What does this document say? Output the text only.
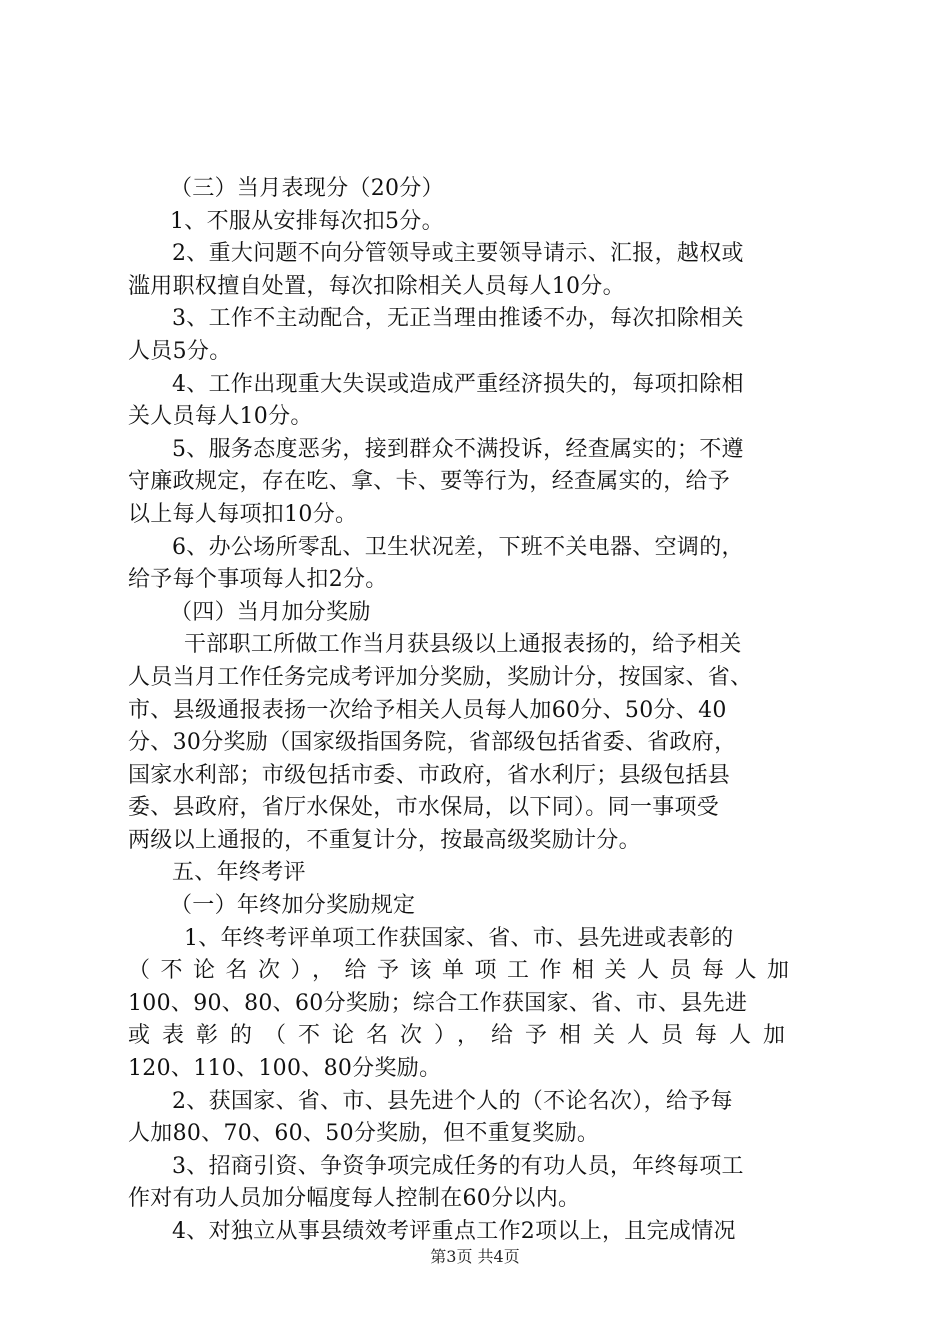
（三）当月表现分（20分）
1、不服从安排每次扣5分。
2、重大问题不向分管领导或主要领导请示、汇报，越权或
滥用职权擅自处置，每次扣除相关人员每人10分。
3、工作不主动配合，无正当理由推诿不办，每次扣除相关
人员5分。
4、工作出现重大失误或造成严重经济损失的，每项扣除相
关人员每人10分。
5、服务态度恶劣，接到群众不满投诉，经查属实的；不遵
守廉政规定，存在吃、拿、卡、要等行为，经查属实的，给予
以上每人每项扣10分。
6、办公场所零乱、卫生状况差，下班不关电器、空调的，
给予每个事项每人扣2分。
（四）当月加分奖励
干部职工所做工作当月获县级以上通报表扬的，给予相关
人员当月工作任务完成考评加分奖励，奖励计分，按国家、省、
市、县级通报表扬一次给予相关人员每人加60分、50分、40
分、30分奖励（国家级指国务院，省部级包括省委、省政府，
国家水利部；市级包括市委、市政府，省水利厅；县级包括县
委、县政府，省厅水保处，市水保局，以下同）。同一事项受
两级以上通报的，不重复计分，按最高级奖励计分。
五、年终考评
（一）年终加分奖励规定
1、年终考评单项工作获国家、省、市、县先进或表彰的
（不论名次），给予该单项工作相关人员每人加
100、90、80、60分奖励；综合工作获国家、省、市、县先进
或表彰的（不论名次），给予相关人员每人加
120、110、100、80分奖励。
2、获国家、省、市、县先进个人的（不论名次），给予每
人加80、70、60、50分奖励，但不重复奖励。
3、招商引资、争资争项完成任务的有功人员，年终每项工
作对有功人员加分幅度每人控制在60分以内。
4、对独立从事县绩效考评重点工作2项以上，且完成情况
第3页 共4页
